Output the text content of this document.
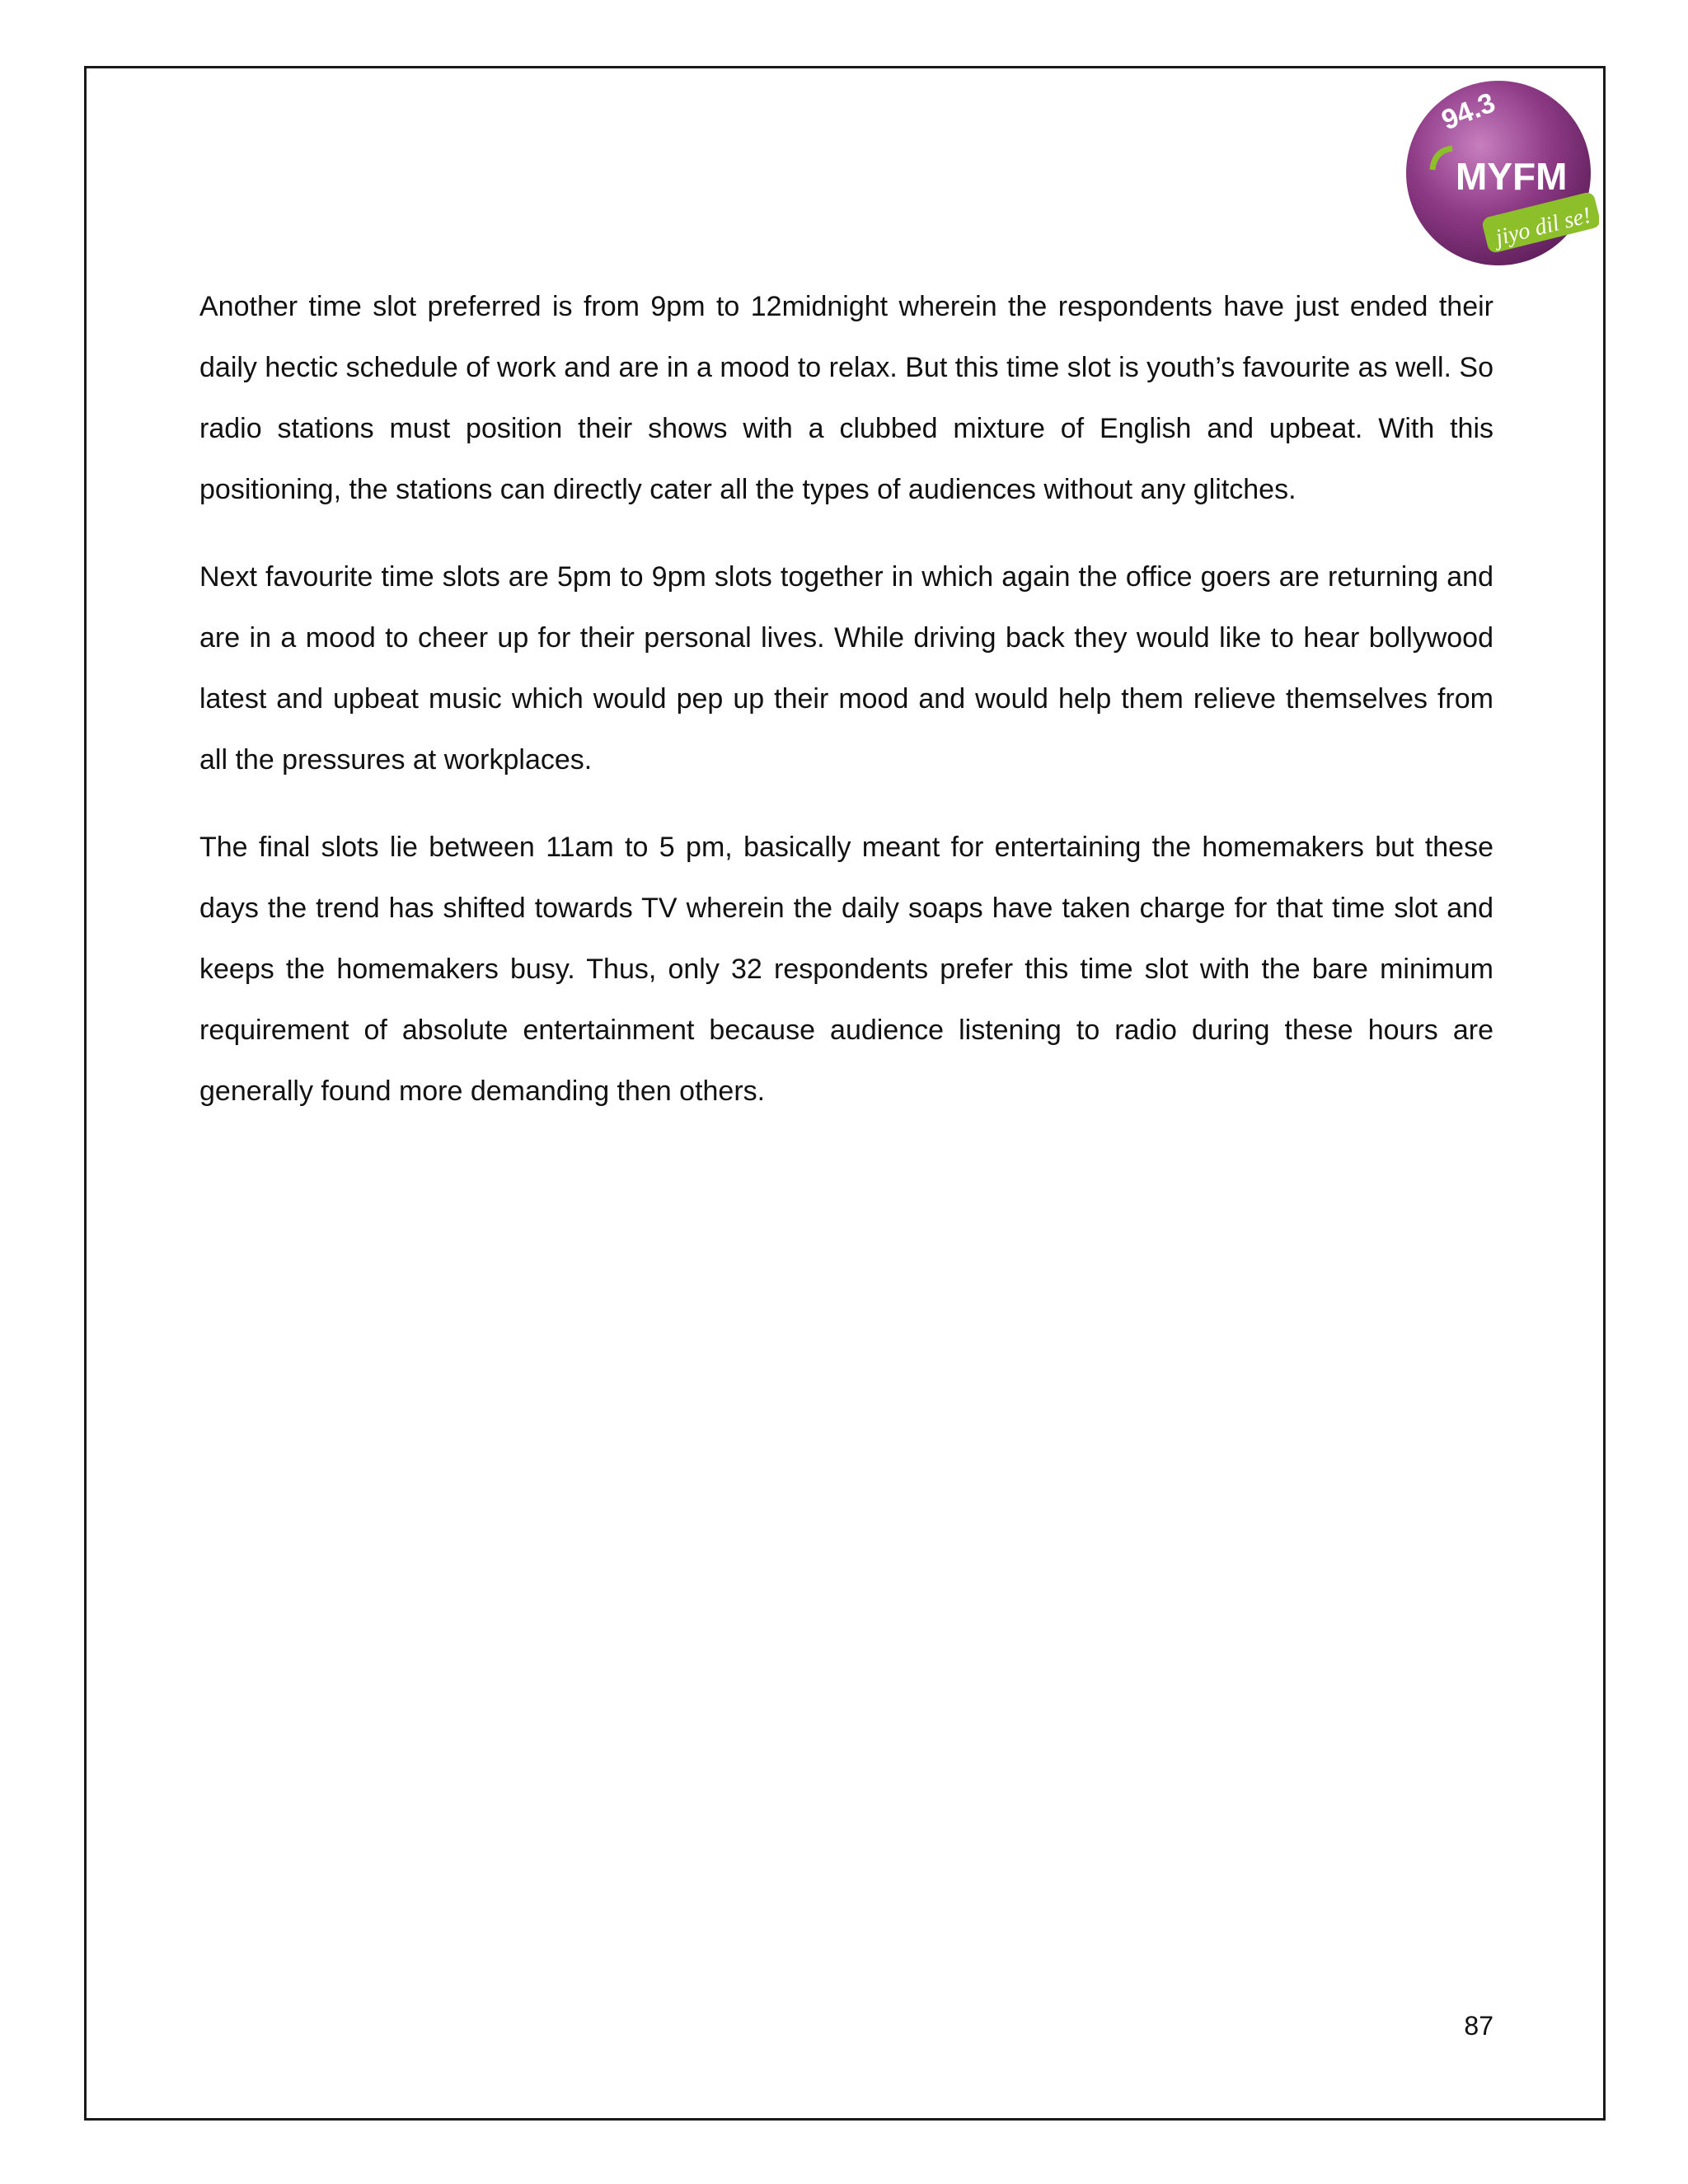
94.3
MYFM
jiyo dil se!

Another time slot preferred is from 9pm to 12midnight wherein the respondents have just ended their daily hectic schedule of work and are in a mood to relax. But this time slot is youth’s favourite as well. So radio stations must position their shows with a clubbed mixture of English and upbeat. With this positioning, the stations can directly cater all the types of audiences without any glitches.

Next favourite time slots are 5pm to 9pm slots together in which again the office goers are returning and are in a mood to cheer up for their personal lives. While driving back they would like to hear bollywood latest and upbeat music which would pep up their mood and would help them relieve themselves from all the pressures at workplaces.

The final slots lie between 11am to 5 pm, basically meant for entertaining the homemakers but these days the trend has shifted towards TV wherein the daily soaps have taken charge for that time slot and keeps the homemakers busy. Thus, only 32 respondents prefer this time slot with the bare minimum requirement of absolute entertainment because audience listening to radio during these hours are generally found more demanding then others.

87
